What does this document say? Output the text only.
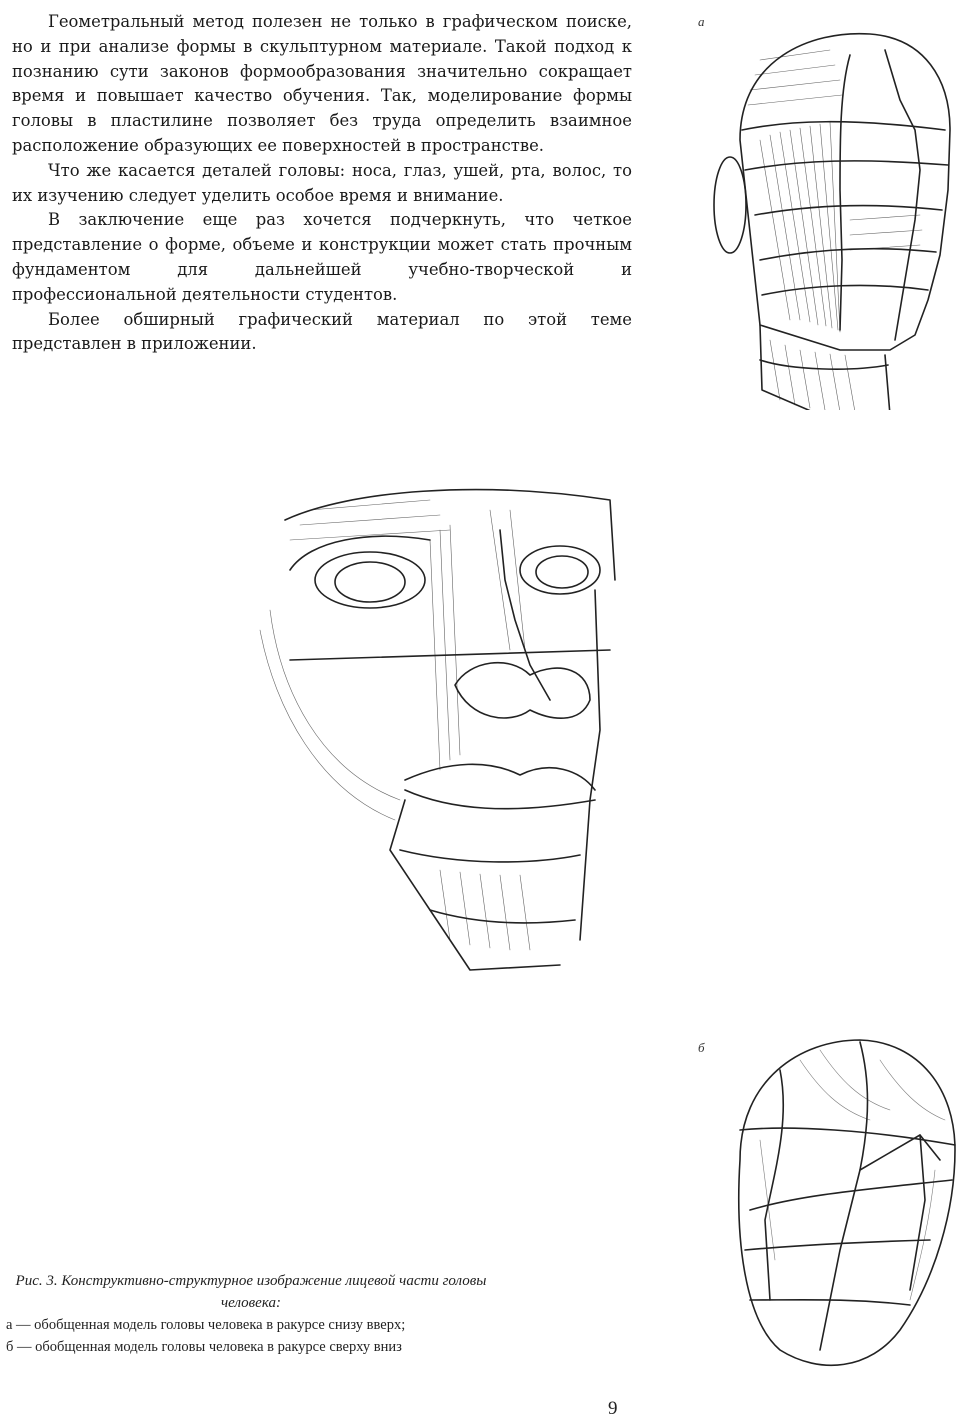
Геометральный метод полезен не только в графическом поиске, но и при анализе формы в скульптурном материале. Такой подход к познанию сути законов формообразования значительно сокращает время и повышает качество обучения. Так, моделирование формы головы в пластилине позволяет без труда определить взаимное расположение образующих ее поверхностей в пространстве.

Что же касается деталей головы: носа, глаз, ушей, рта, волос, то их изучению следует уделить особое время и внимание.

В заключение еще раз хочется подчеркнуть, что четкое представление о форме, объеме и конструкции может стать прочным фундаментом для дальнейшей учебно-творческой и профессиональной деятельности студентов.

Более обширный графический материал по этой теме представлен в приложении.

а
б

Рис. 3. Конструктивно-структурное изображение лицевой части головы человека:

а — обобщенная модель головы человека в ракурсе снизу вверх;

б — обобщенная модель головы человека в ракурсе сверху вниз

9
